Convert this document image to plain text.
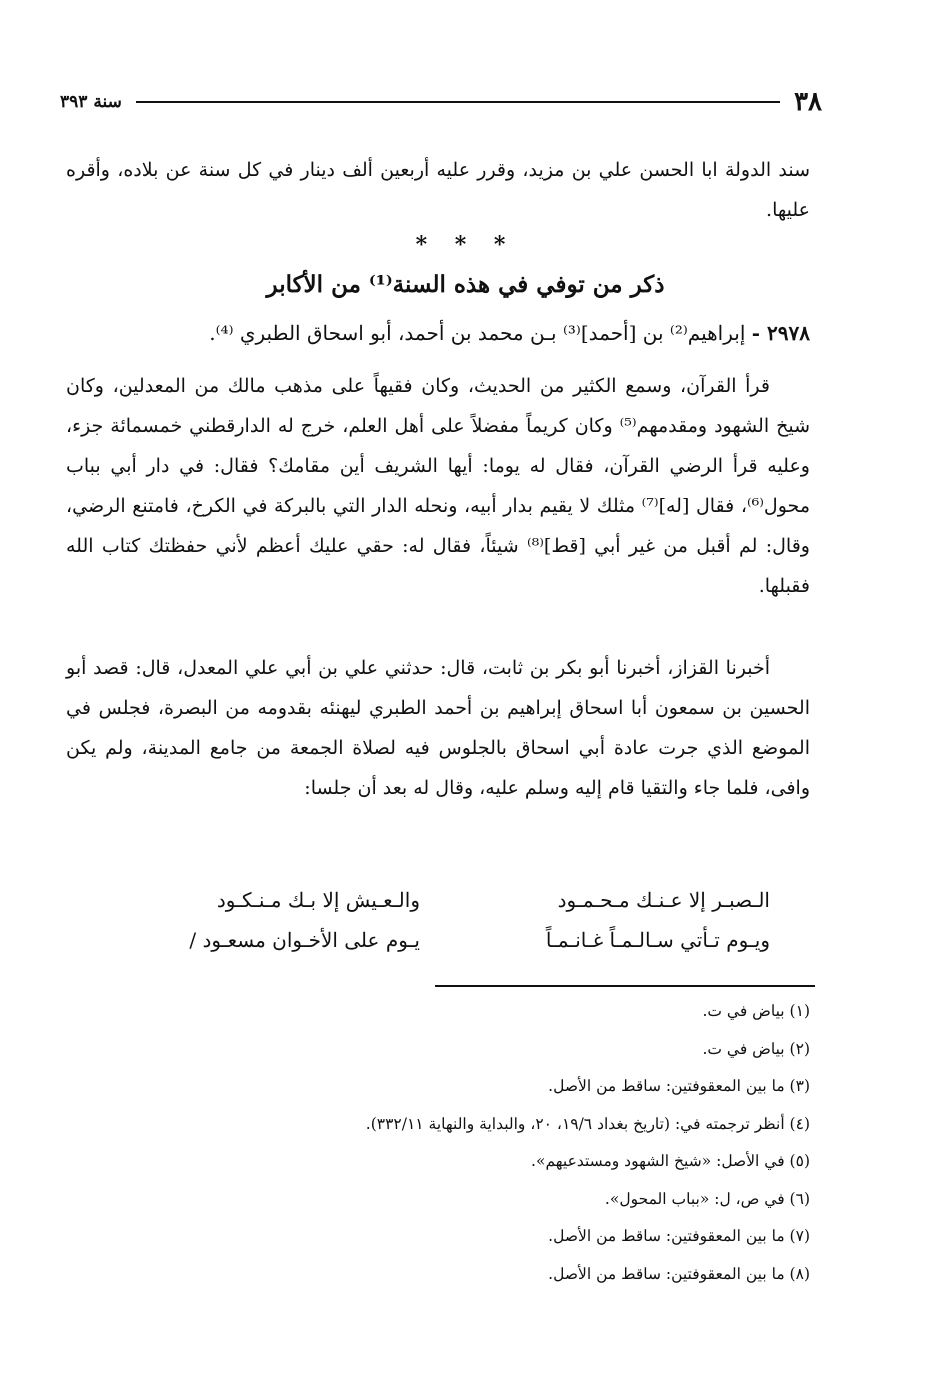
٣٨
سنة ٣٩٣
سند الدولة ابا الحسن علي بن مزيد، وقرر عليه أربعين ألف دينار في كل سنة عن بلاده، وأقره عليها.
* * *
ذكر من توفي في هذه السنة⁽¹⁾ من الأكابر
٢٩٧٨ - إبراهيم⁽²⁾ بن [أحمد]⁽³⁾ بـن محمد بن أحمد، أبو اسحاق الطبري ⁽⁴⁾.
قرأ القرآن، وسمع الكثير من الحديث، وكان فقيهاً على مذهب مالك من المعدلين، وكان شيخ الشهود ومقدمهم⁽⁵⁾ وكان كريماً مفضلاً على أهل العلم، خرج له الدارقطني خمسمائة جزء، وعليه قرأ الرضي القرآن، فقال له يوما: أيها الشريف أين مقامك؟ فقال: في دار أبي بباب محول⁽⁶⁾، فقال [له]⁽⁷⁾ مثلك لا يقيم بدار أبيه، ونحله الدار التي بالبركة في الكرخ، فامتنع الرضي، وقال: لم أقبل من غير أبي [قط]⁽⁸⁾ شيئاً، فقال له: حقي عليك أعظم لأني حفظتك كتاب الله فقبلها.
أخبرنا القزاز، أخبرنا أبو بكر بن ثابت، قال: حدثني علي بن أبي علي المعدل، قال: قصد أبو الحسين بن سمعون أبا اسحاق إبراهيم بن أحمد الطبري ليهنئه بقدومه من البصرة، فجلس في الموضع الذي جرت عادة أبي اسحاق بالجلوس فيه لصلاة الجمعة من جامع المدينة، ولم يكن وافى، فلما جاء والتقيا قام إليه وسلم عليه، وقال له بعد أن جلسا:
الـصبـر إلا عـنـك مـحـمـود
والـعـيش إلا بـك مـنـكـود
ويـوم تـأتي سـالـمـاً غـانـمـاً
يـوم على الأخـوان مسعـود /
(١) بياض في ت.
(٢) بياض في ت.
(٣) ما بين المعقوفتين: ساقط من الأصل.
(٤) أنظر ترجمته في: (تاريخ بغداد ١٩/٦، ٢٠، والبداية والنهاية ٣٣٢/١١).
(٥) في الأصل: «شيخ الشهود ومستدعيهم».
(٦) في ص، ل: «بباب المحول».
(٧) ما بين المعقوفتين: ساقط من الأصل.
(٨) ما بين المعقوفتين: ساقط من الأصل.
